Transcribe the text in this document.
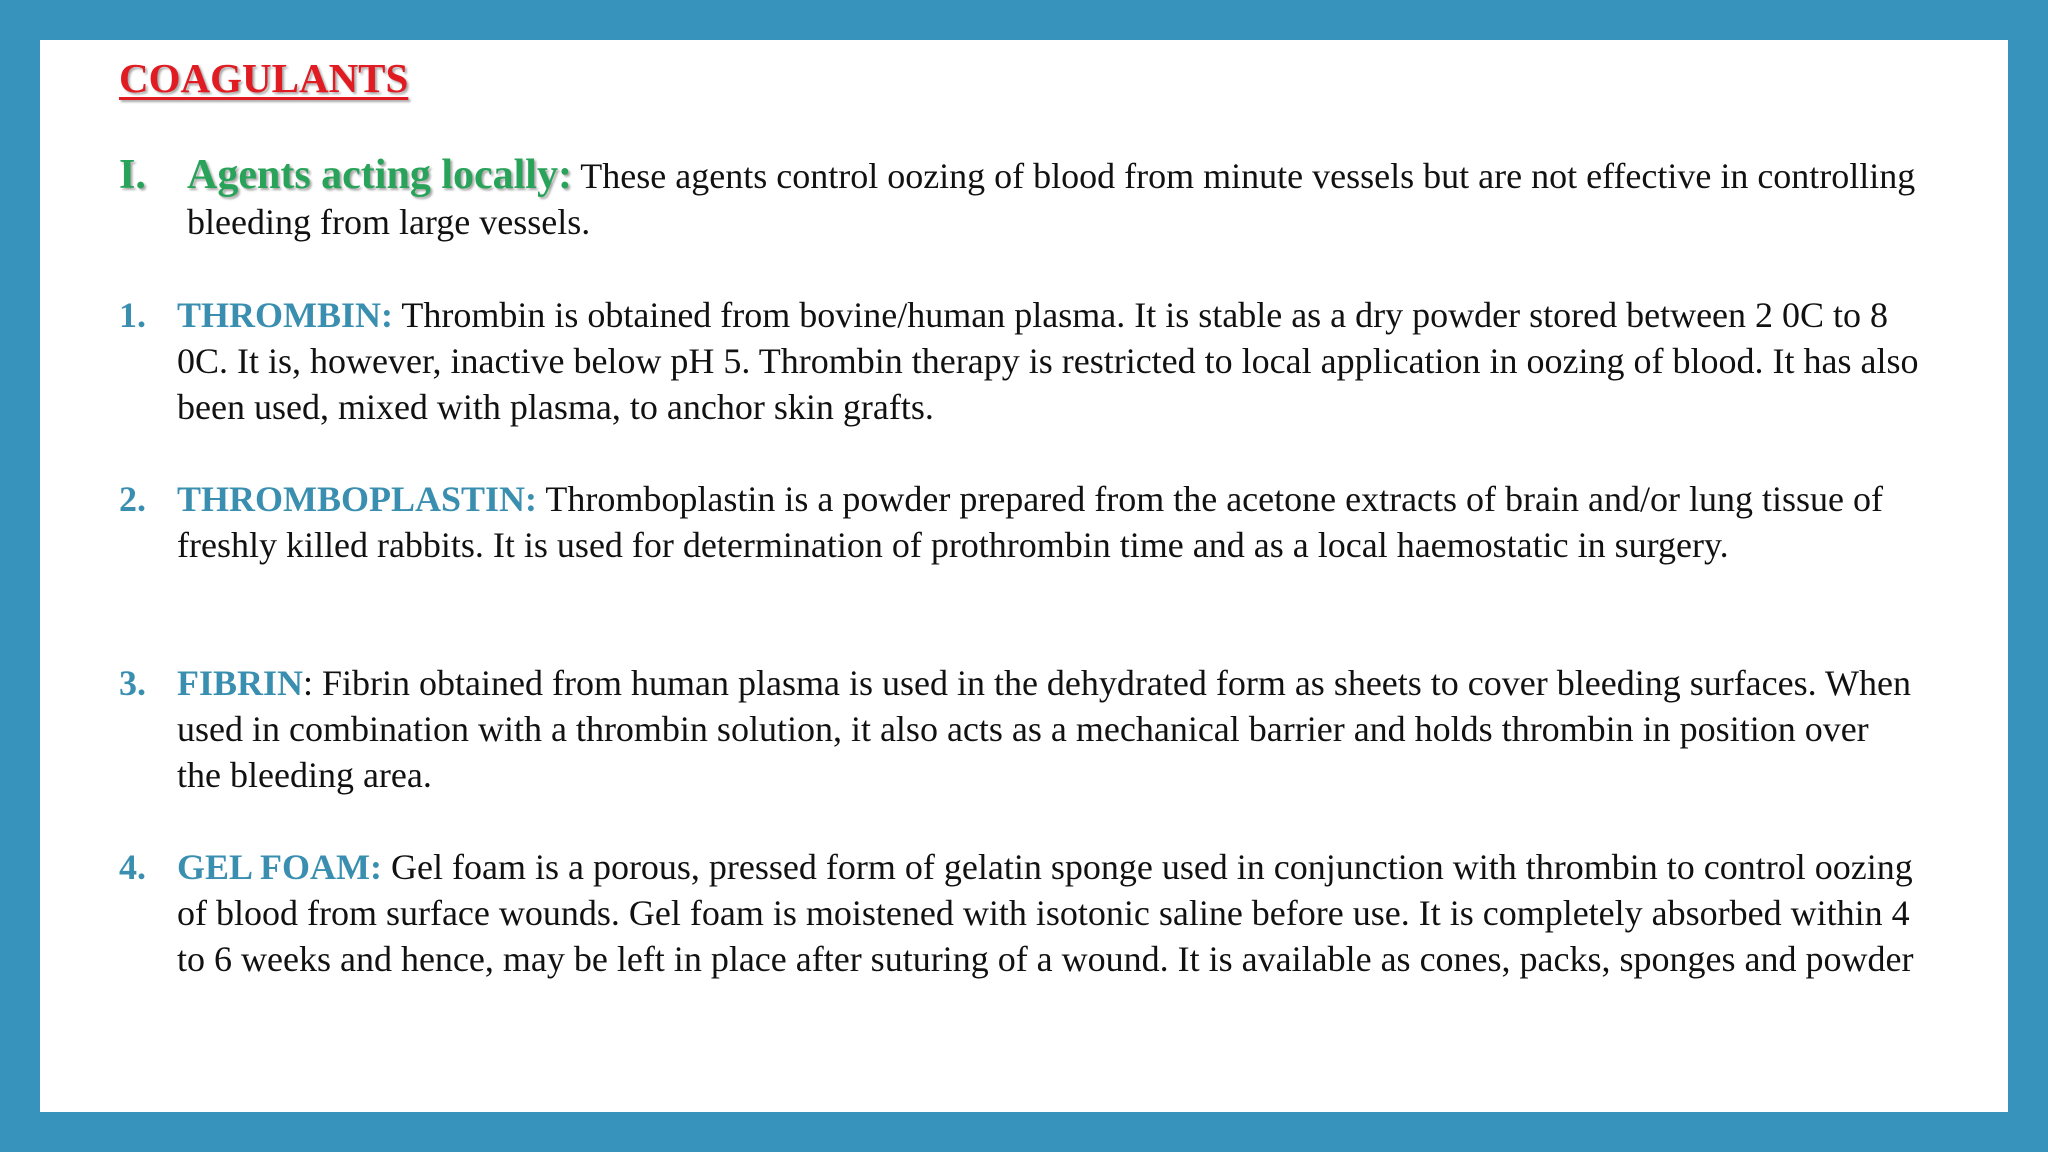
COAGULANTS
I. Agents acting locally: These agents control oozing of blood from minute vessels but are not effective in controlling bleeding from large vessels.
1. THROMBIN: Thrombin is obtained from bovine/human plasma. It is stable as a dry powder stored between 2 0C to 8 0C. It is, however, inactive below pH 5. Thrombin therapy is restricted to local application in oozing of blood. It has also been used, mixed with plasma, to anchor skin grafts.
2. THROMBOPLASTIN: Thromboplastin is a powder prepared from the acetone extracts of brain and/or lung tissue of freshly killed rabbits. It is used for determination of prothrombin time and as a local haemostatic in surgery.
3. FIBRIN: Fibrin obtained from human plasma is used in the dehydrated form as sheets to cover bleeding surfaces. When used in combination with a thrombin solution, it also acts as a mechanical barrier and holds thrombin in position over the bleeding area.
4. GEL FOAM: Gel foam is a porous, pressed form of gelatin sponge used in conjunction with thrombin to control oozing of blood from surface wounds. Gel foam is moistened with isotonic saline before use. It is completely absorbed within 4 to 6 weeks and hence, may be left in place after suturing of a wound. It is available as cones, packs, sponges and powder
